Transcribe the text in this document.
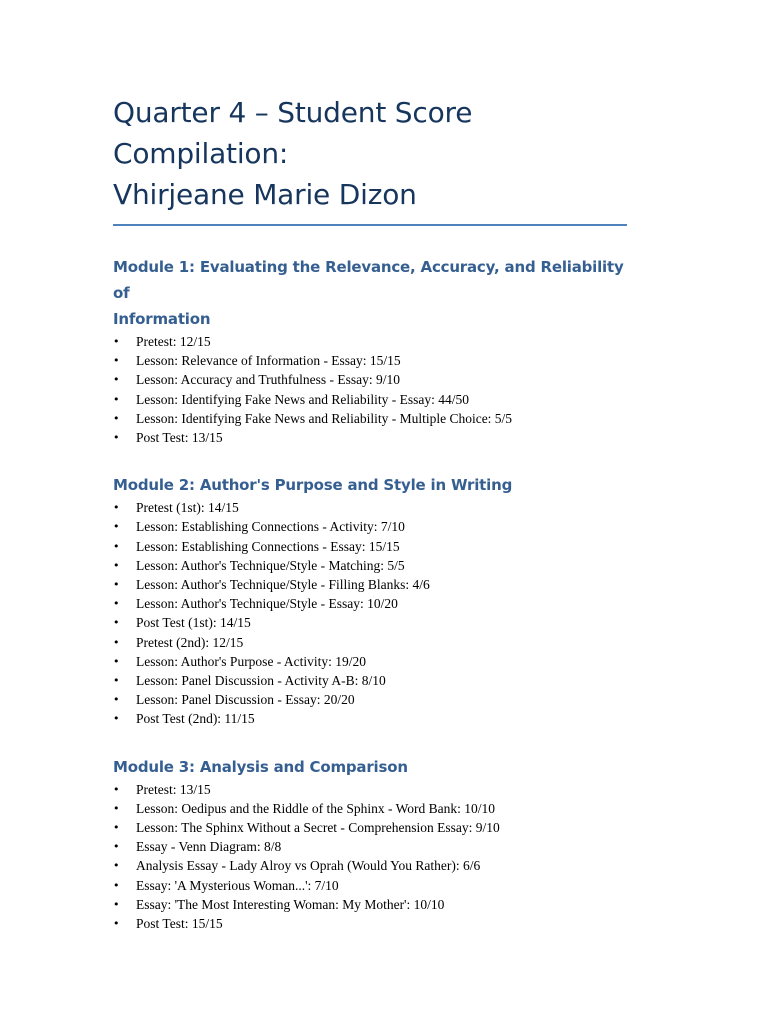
Quarter 4 – Student Score Compilation:
Vhirjeane Marie Dizon
Module 1: Evaluating the Relevance, Accuracy, and Reliability of
Information
• Pretest: 12/15
• Lesson: Relevance of Information - Essay: 15/15
• Lesson: Accuracy and Truthfulness - Essay: 9/10
• Lesson: Identifying Fake News and Reliability - Essay: 44/50
• Lesson: Identifying Fake News and Reliability - Multiple Choice: 5/5
• Post Test: 13/15
Module 2: Author's Purpose and Style in Writing
• Pretest (1st): 14/15
• Lesson: Establishing Connections - Activity: 7/10
• Lesson: Establishing Connections - Essay: 15/15
• Lesson: Author's Technique/Style - Matching: 5/5
• Lesson: Author's Technique/Style - Filling Blanks: 4/6
• Lesson: Author's Technique/Style - Essay: 10/20
• Post Test (1st): 14/15
• Pretest (2nd): 12/15
• Lesson: Author's Purpose - Activity: 19/20
• Lesson: Panel Discussion - Activity A-B: 8/10
• Lesson: Panel Discussion - Essay: 20/20
• Post Test (2nd): 11/15
Module 3: Analysis and Comparison
• Pretest: 13/15
• Lesson: Oedipus and the Riddle of the Sphinx - Word Bank: 10/10
• Lesson: The Sphinx Without a Secret - Comprehension Essay: 9/10
• Essay - Venn Diagram: 8/8
• Analysis Essay - Lady Alroy vs Oprah (Would You Rather): 6/6
• Essay: 'A Mysterious Woman...': 7/10
• Essay: 'The Most Interesting Woman: My Mother': 10/10
• Post Test: 15/15
